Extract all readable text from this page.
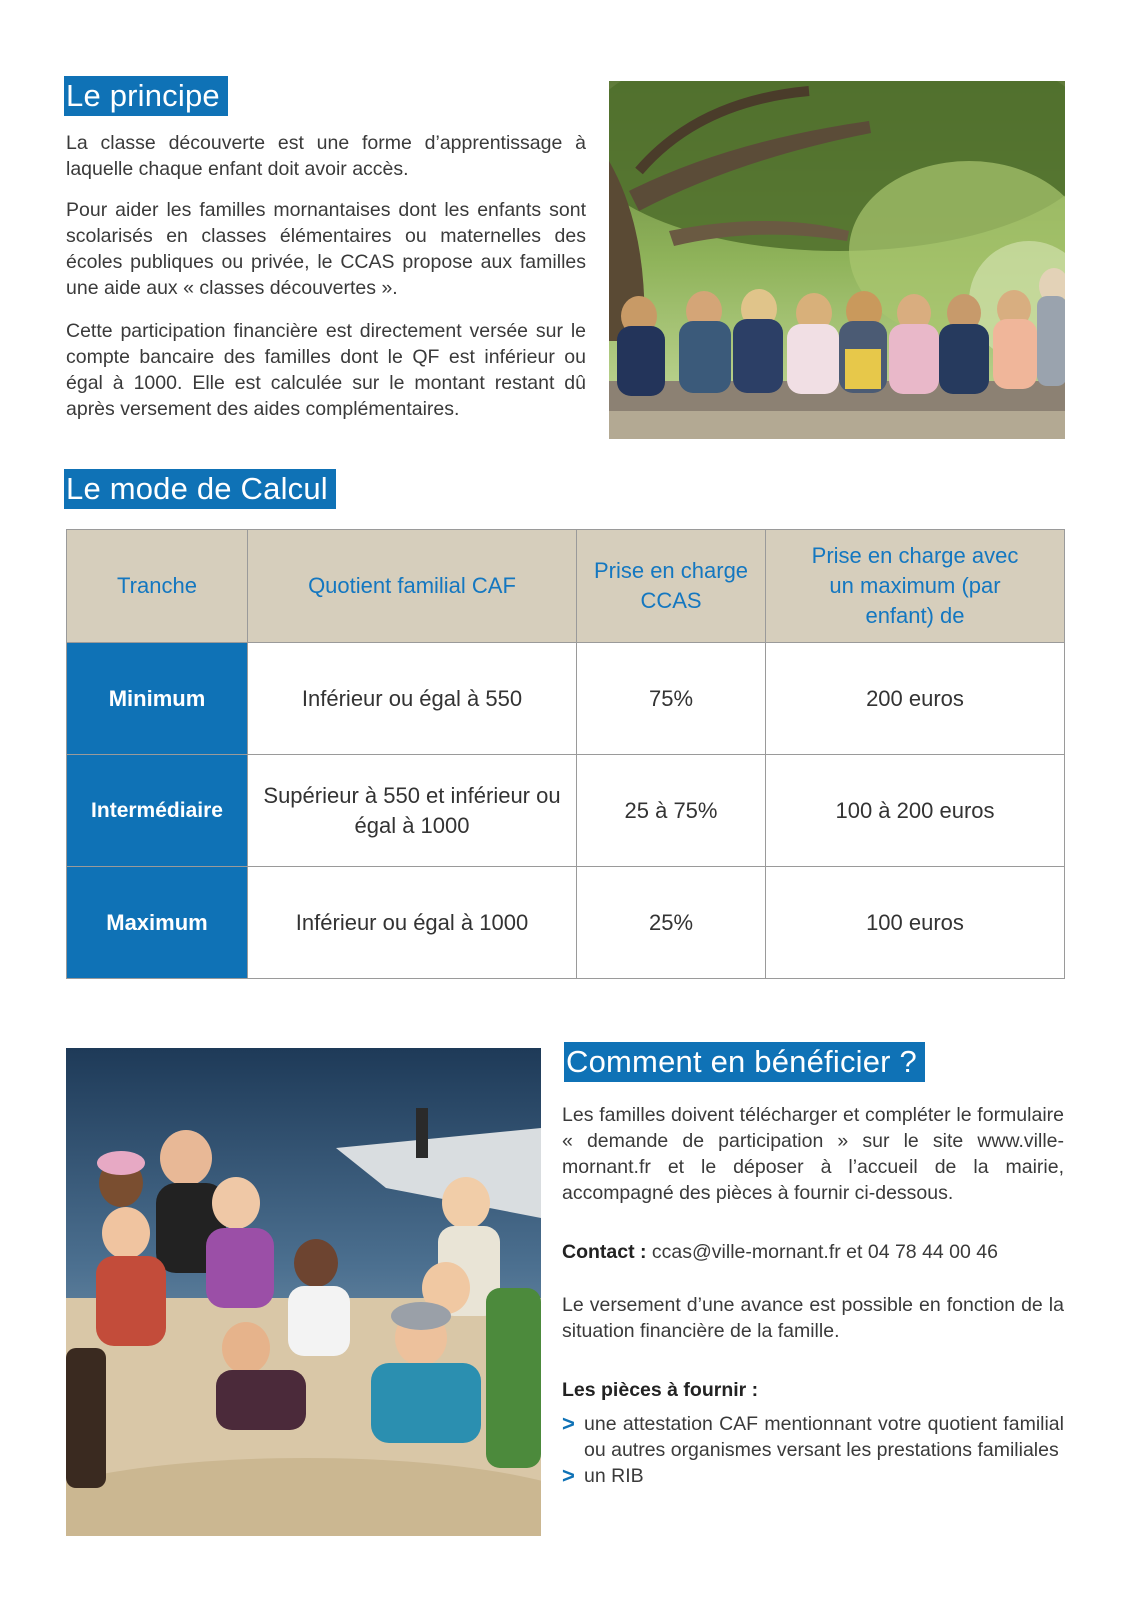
Le principe

La classe découverte est une forme d’apprentissage à laquelle chaque enfant doit avoir accès.

Pour aider les familles mornantaises dont les enfants sont scolarisés en classes élémentaires ou maternelles des écoles publiques ou privée, le CCAS propose aux familles une aide aux « classes découvertes ».

Cette participation financière est directement versée sur le compte bancaire des familles dont le QF est inférieur ou égal à 1000. Elle est calculée sur le montant restant dû après versement des aides complémentaires.

Le mode de Calcul
Tranche	Quotient familial CAF	Prise en charge CCAS	Prise en charge avec un maximum (par enfant) de
Minimum	Inférieur ou égal à 550	75%	200 euros
Intermédiaire	Supérieur à 550 et inférieur ou égal à 1000	25 à 75%	100 à 200 euros
Maximum	Inférieur ou égal à 1000	25%	100 euros
Comment en bénéficier ?

Les familles doivent télécharger et compléter le formulaire « demande de participation » sur le site www.ville-mornant.fr et le déposer à l’accueil de la mairie, accompagné des pièces à fournir ci-dessous.

Contact : ccas@ville-mornant.fr et 04 78 44 00 46

Le versement d’une avance est possible en fonction de la situation financière de la famille.

Les pièces à fournir :

> une attestation CAF mentionnant votre quotient familial ou autres organismes versant les prestations familiales
> un RIB
